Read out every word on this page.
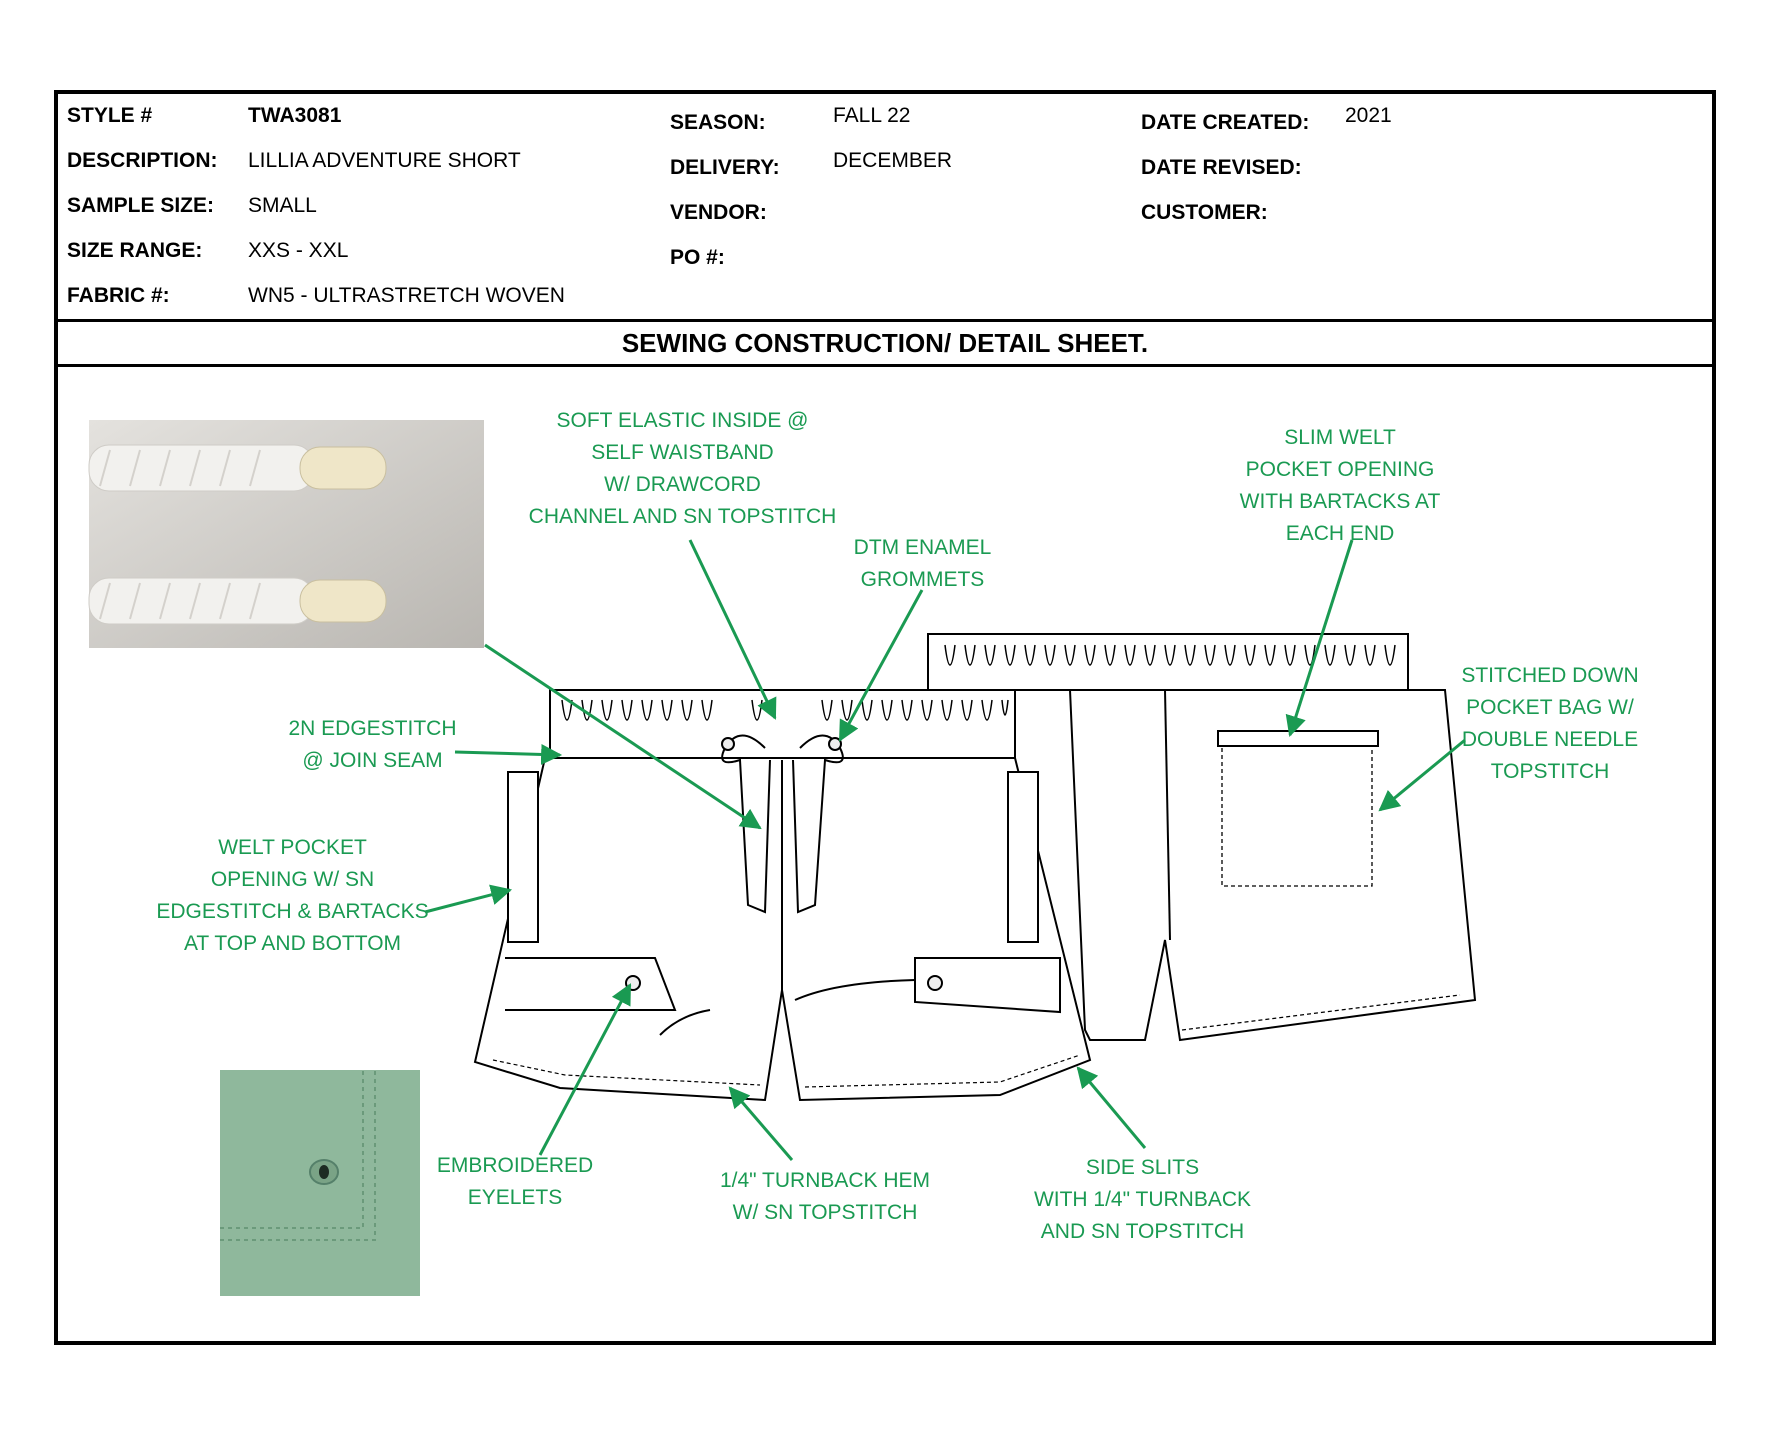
STYLE #	TWA3081
DESCRIPTION: LILLIA ADVENTURE SHORT
SAMPLE SIZE: SMALL
SIZE RANGE: XXS - XXL
FABRIC #:	WN5 - ULTRASTRETCH WOVEN
SEASON:	FALL 22
DELIVERY:	DECEMBER
VENDOR:
PO #:
DATE CREATED: 2021
DATE REVISED:
CUSTOMER:
SEWING CONSTRUCTION/ DETAIL SHEET.
SOFT ELASTIC INSIDE @
SELF WAISTBAND
W/ DRAWCORD
CHANNEL AND SN TOPSTITCH
DTM ENAMEL
GROMMETS
SLIM WELT
POCKET OPENING
WITH BARTACKS AT
EACH END
2N EDGESTITCH
@ JOIN SEAM
WELT POCKET
OPENING W/ SN
EDGESTITCH & BARTACKS
AT TOP AND BOTTOM
STITCHED DOWN
POCKET BAG W/
DOUBLE NEEDLE
TOPSTITCH
EMBROIDERED
EYELETS
1/4" TURNBACK HEM
W/ SN TOPSTITCH
SIDE SLITS
WITH 1/4" TURNBACK
AND SN TOPSTITCH
